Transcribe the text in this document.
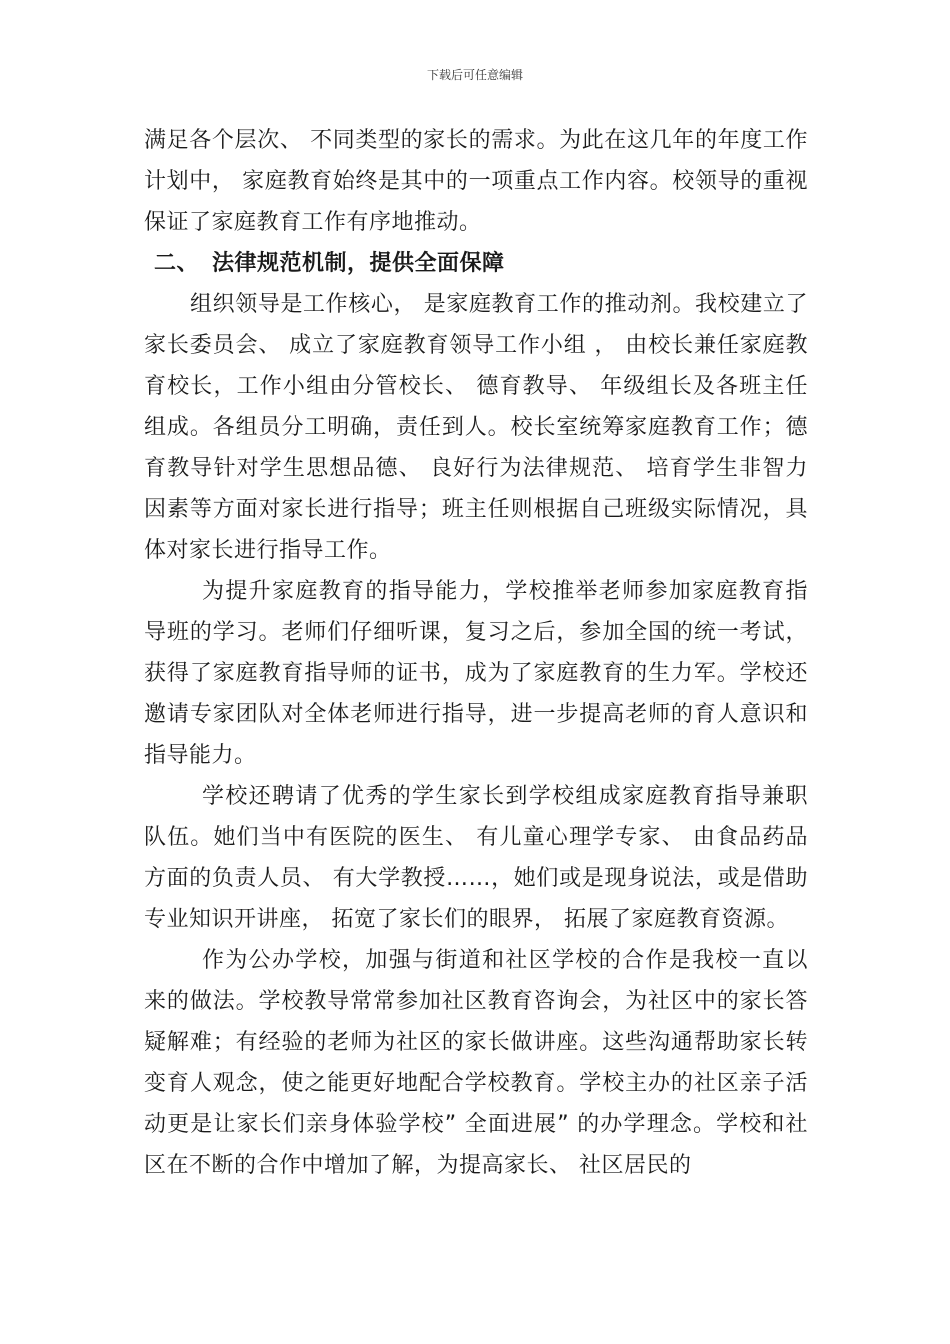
下载后可任意编辑

满足各个层次、 不同类型的家长的需求。为此在这几年的年度工作计划中， 家庭教育始终是其中的一项重点工作内容。校领导的重视保证了家庭教育工作有序地推动。

二、 法律规范机制，提供全面保障

组织领导是工作核心， 是家庭教育工作的推动剂。我校建立了家长委员会、 成立了家庭教育领导工作小组 ， 由校长兼任家庭教育校长，工作小组由分管校长、 德育教导、 年级组长及各班主任组成。各组员分工明确，责任到人。校长室统筹家庭教育工作；德育教导针对学生思想品德、 良好行为法律规范、 培育学生非智力因素等方面对家长进行指导；班主任则根据自己班级实际情况，具体对家长进行指导工作。

为提升家庭教育的指导能力，学校推举老师参加家庭教育指导班的学习。老师们仔细听课，复习之后，参加全国的统一考试，获得了家庭教育指导师的证书，成为了家庭教育的生力军。学校还邀请专家团队对全体老师进行指导，进一步提高老师的育人意识和指导能力。

学校还聘请了优秀的学生家长到学校组成家庭教育指导兼职队伍。她们当中有医院的医生、 有儿童心理学专家、 由食品药品方面的负责人员、 有大学教授……，她们或是现身说法，或是借助专业知识开讲座， 拓宽了家长们的眼界， 拓展了家庭教育资源。

作为公办学校，加强与街道和社区学校的合作是我校一直以来的做法。学校教导常常参加社区教育咨询会，为社区中的家长答疑解难；有经验的老师为社区的家长做讲座。这些沟通帮助家长转变育人观念，使之能更好地配合学校教育。学校主办的社区亲子活动更是让家长们亲身体验学校” 全面进展” 的办学理念。学校和社区在不断的合作中增加了解，为提高家长、 社区居民的
